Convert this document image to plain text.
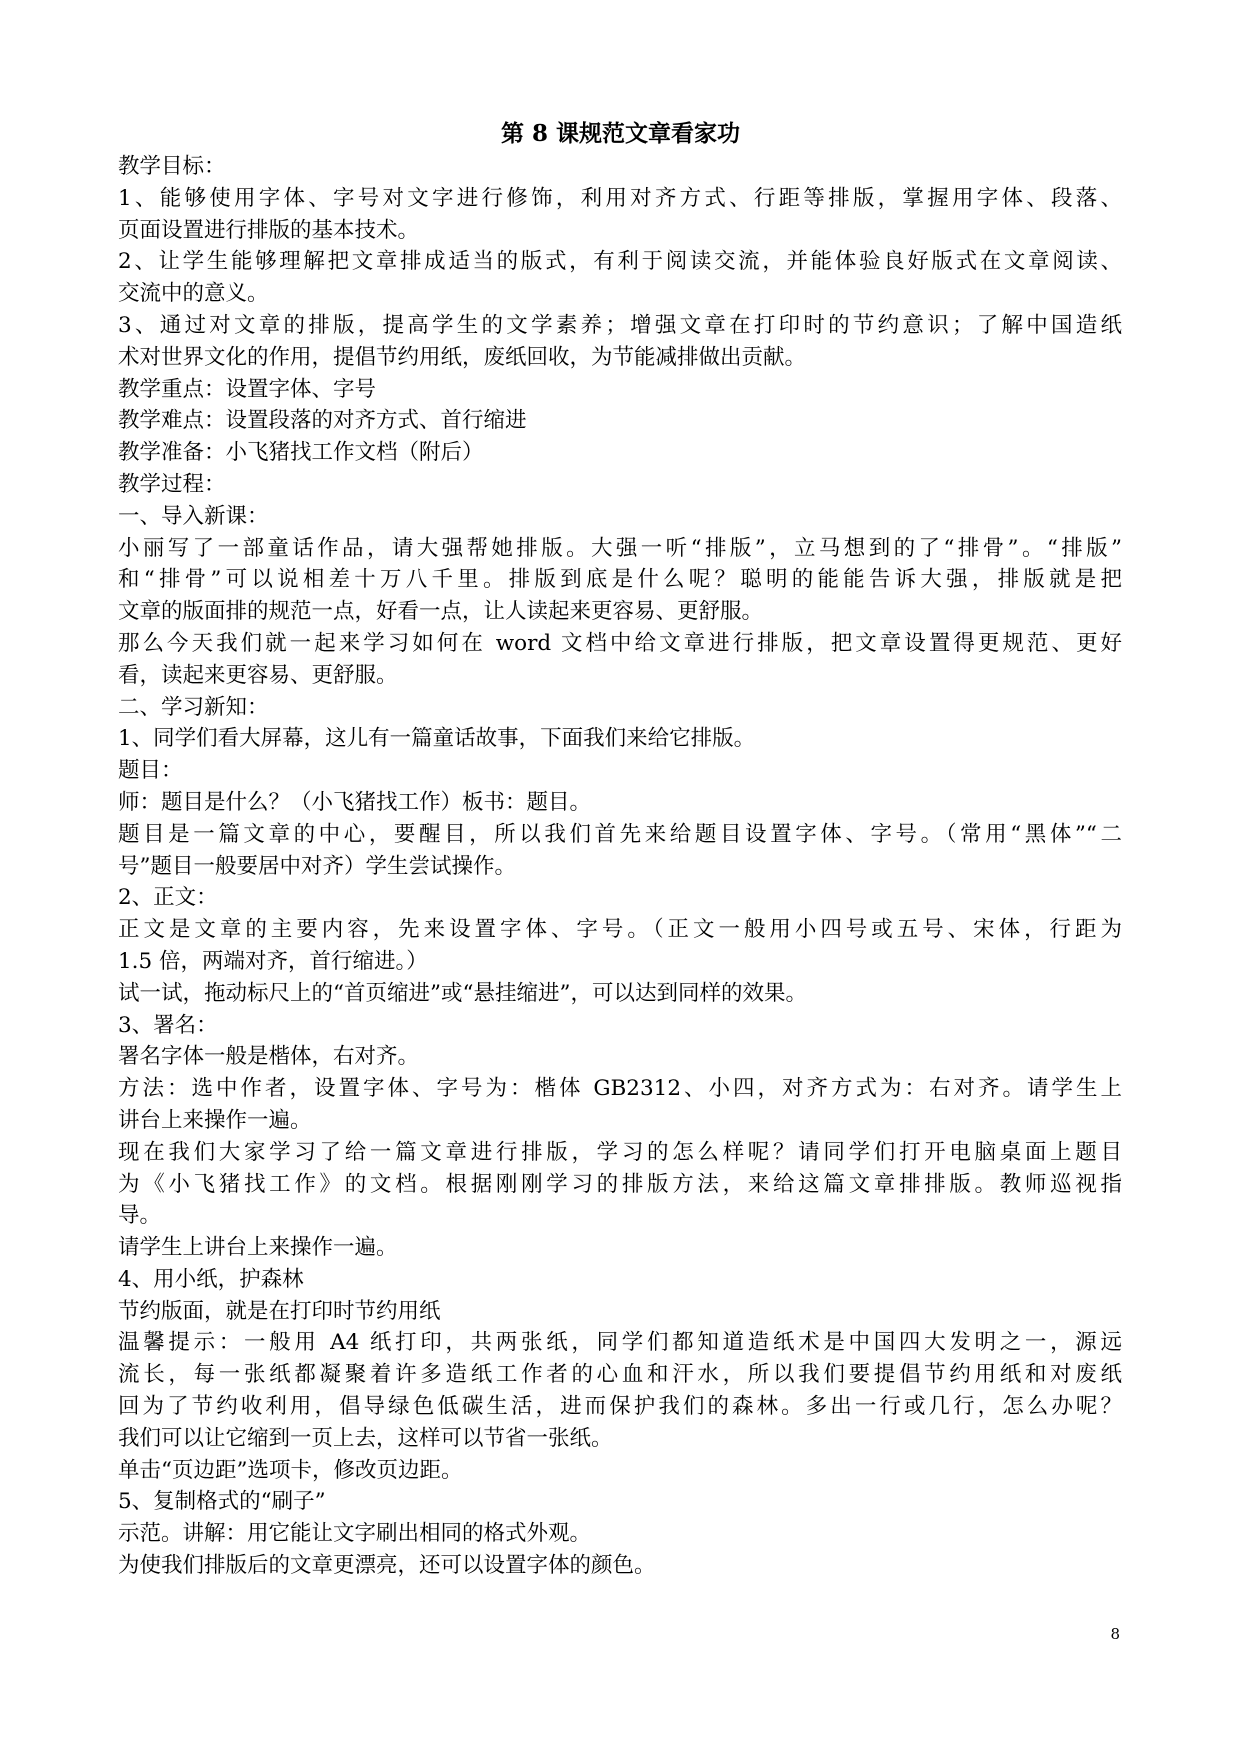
第 8 课规范文章看家功
教学目标：
1、能够使用字体、字号对文字进行修饰，利用对齐方式、行距等排版，掌握用字体、段落、
页面设置进行排版的基本技术。
2、让学生能够理解把文章排成适当的版式，有利于阅读交流，并能体验良好版式在文章阅读、
交流中的意义。
3、通过对文章的排版，提高学生的文学素养；增强文章在打印时的节约意识；了解中国造纸
术对世界文化的作用，提倡节约用纸，废纸回收，为节能减排做出贡献。
教学重点：设置字体、字号
教学难点：设置段落的对齐方式、首行缩进
教学准备：小飞猪找工作文档（附后）
教学过程：
一、导入新课：
小丽写了一部童话作品，请大强帮她排版。大强一听“排版”，立马想到的了“排骨”。“排版”
和“排骨”可以说相差十万八千里。排版到底是什么呢？聪明的能能告诉大强，排版就是把
文章的版面排的规范一点，好看一点，让人读起来更容易、更舒服。
那么今天我们就一起来学习如何在 word 文档中给文章进行排版，把文章设置得更规范、更好
看，读起来更容易、更舒服。
二、学习新知：
1、同学们看大屏幕，这儿有一篇童话故事，下面我们来给它排版。
题目：
师：题目是什么？（小飞猪找工作）板书：题目。
题目是一篇文章的中心，要醒目，所以我们首先来给题目设置字体、字号。（常用“黑体”“二
号”题目一般要居中对齐）学生尝试操作。
2、正文：
正文是文章的主要内容，先来设置字体、字号。（正文一般用小四号或五号、宋体，行距为
1.5 倍，两端对齐，首行缩进。）
试一试，拖动标尺上的“首页缩进”或“悬挂缩进”，可以达到同样的效果。
3、署名：
署名字体一般是楷体，右对齐。
方法：选中作者，设置字体、字号为：楷体 GB2312、小四，对齐方式为：右对齐。请学生上
讲台上来操作一遍。
现在我们大家学习了给一篇文章进行排版，学习的怎么样呢？请同学们打开电脑桌面上题目
为《小飞猪找工作》的文档。根据刚刚学习的排版方法，来给这篇文章排排版。教师巡视指
导。
请学生上讲台上来操作一遍。
4、用小纸，护森林
节约版面，就是在打印时节约用纸
温馨提示：一般用 A4 纸打印，共两张纸，同学们都知道造纸术是中国四大发明之一，源远
流长，每一张纸都凝聚着许多造纸工作者的心血和汗水，所以我们要提倡节约用纸和对废纸
回为了节约收利用，倡导绿色低碳生活，进而保护我们的森林。多出一行或几行，怎么办呢？
我们可以让它缩到一页上去，这样可以节省一张纸。
单击“页边距”选项卡，修改页边距。
5、复制格式的“刷子”
示范。讲解：用它能让文字刷出相同的格式外观。
为使我们排版后的文章更漂亮，还可以设置字体的颜色。
8
